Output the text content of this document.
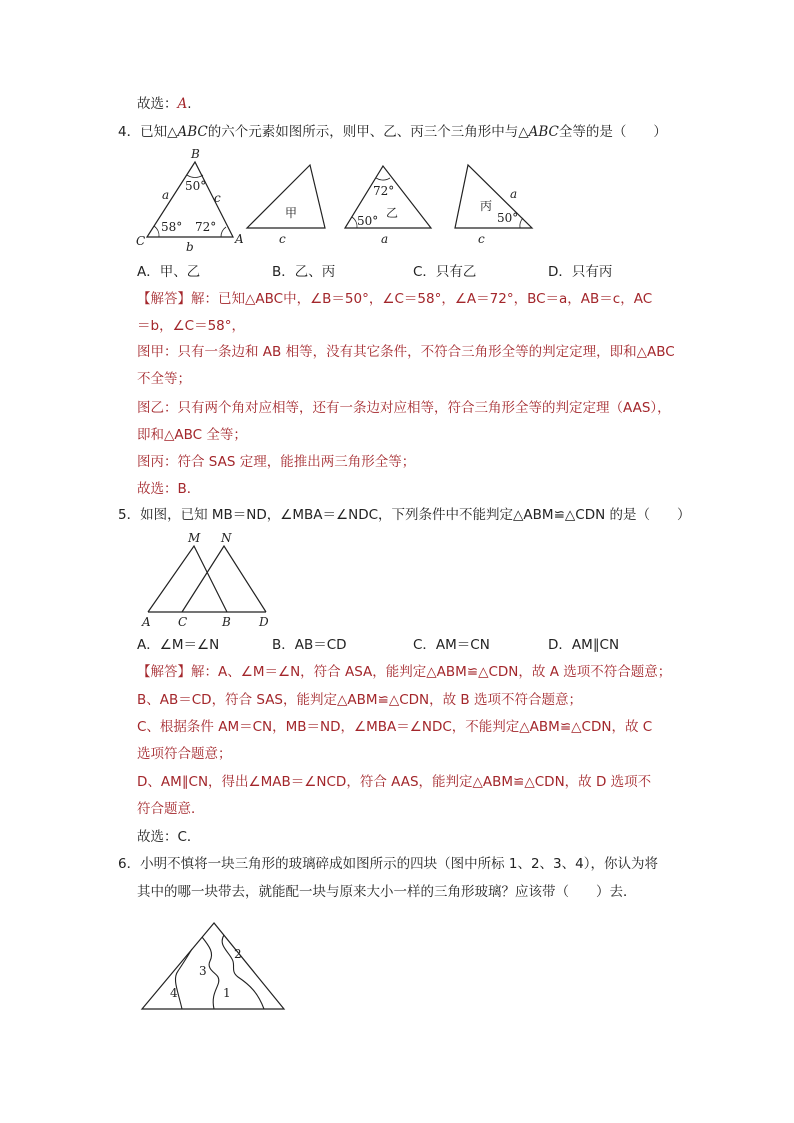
故选：A.
4．已知△ABC的六个元素如图所示，则甲、乙、丙三个三角形中与△ABC全等的是（　　）
B
C	A
a
b
c
50°
58° 72°
甲
c
72°
50°
乙
a
丙
a
50°
c
A．甲、乙	B．乙、丙	C．只有乙	D．只有丙
【解答】解：已知△ABC中，∠B＝50°，∠C＝58°，∠A＝72°，BC＝a，AB＝c，AC
＝b，∠C＝58°，
图甲：只有一条边和 AB 相等，没有其它条件，不符合三角形全等的判定定理，即和△ABC
不全等；
图乙：只有两个角对应相等，还有一条边对应相等，符合三角形全等的判定定理（AAS），
即和△ABC 全等；
图丙：符合 SAS 定理，能推出两三角形全等；
故选：B．
5．如图，已知 MB＝ND，∠MBA＝∠NDC，下列条件中不能判定△ABM≌△CDN 的是（　　）
M N
A C	B D
A．∠M＝∠N	B．AB＝CD	C．AM＝CN	D．AM∥CN
【解答】解：A、∠M＝∠N，符合 ASA，能判定△ABM≌△CDN，故 A 选项不符合题意；
B、AB＝CD，符合 SAS，能判定△ABM≌△CDN，故 B 选项不符合题意；
C、根据条件 AM＝CN，MB＝ND，∠MBA＝∠NDC，不能判定△ABM≌△CDN，故 C
选项符合题意；
D、AM∥CN，得出∠MAB＝∠NCD，符合 AAS，能判定△ABM≌△CDN，故 D 选项不
符合题意．
故选：C．
6．小明不慎将一块三角形的玻璃碎成如图所示的四块（图中所标 1、2、3、4），你认为将
其中的哪一块带去，就能配一块与原来大小一样的三角形玻璃？应该带（　　）去．
2
3
4	1
